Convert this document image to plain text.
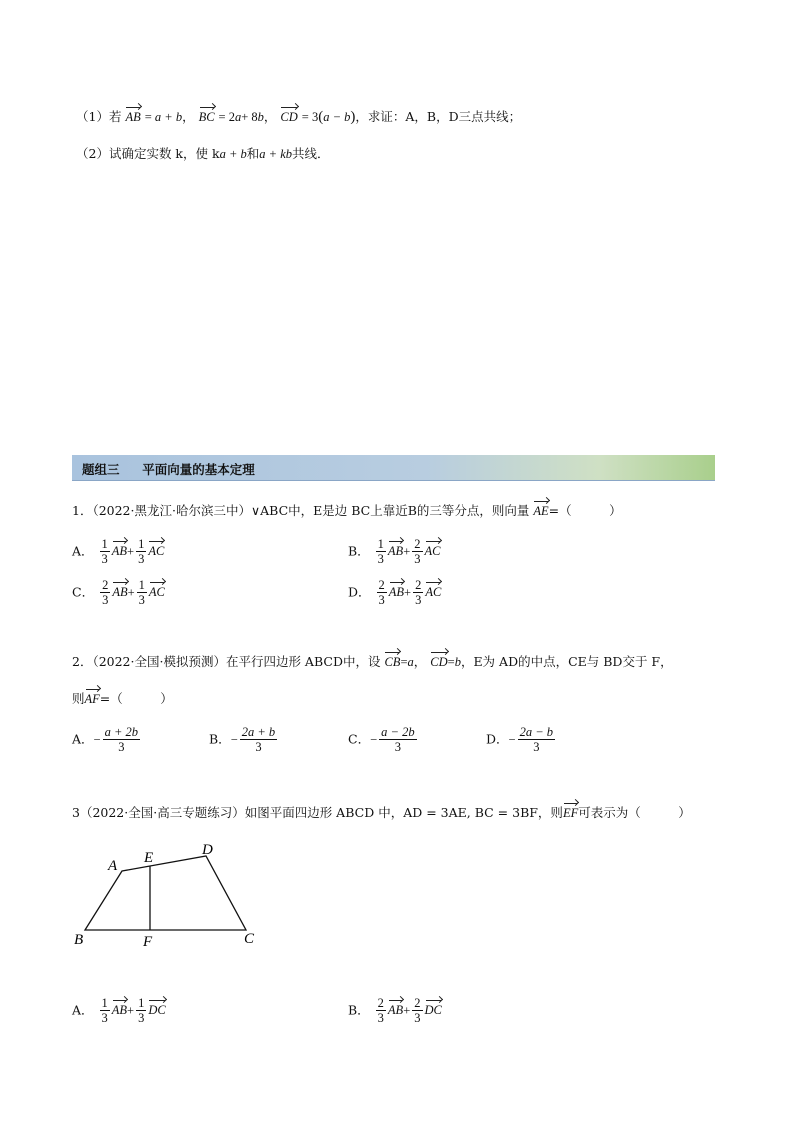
（1）若 AB = a + b， BC = 2a+ 8b， CD = 3(a − b)，求证：A，B，D三点共线；
（2）试确定实数 k，使 ka + b和a + kb共线．
题组三 平面向量的基本定理
1．（2022·黑龙江·哈尔滨三中）∨ABC中，E是边 BC上靠近B的三等分点，则向量 AE=（　　　）
A． $\frac{1}{3} AB+ \frac{1}{3}$ AC	B． $\frac{1}{3} AB+ \frac{2}{3}$ AC
C． $\frac{2}{3} AB+ \frac{1}{3}$ AC	D． $\frac{2}{3} AB+ \frac{2}{3}$ AC
2．（2022·全国·模拟预测）在平行四边形 ABCD中，设 CB=a， CD=b，E为 AD的中点，CE与 BD交于 F，
则AF=（　　　）
A．− $\frac{a + 2b}{3}$	B．− $\frac{2a + b}{3}$	C．− $\frac{a - 2b}{3}$	D．− $\frac{2a - b}{3}$
3（2022·全国·高三专题练习）如图平面四边形 ABCD 中，AD = 3AE, BC = 3BF，则EF可表示为（　　　）
A E	D
B	F	C
A． $\frac{1}{3} AB+ \frac{1}{3}$ DC	B． $\frac{2}{3} AB+ \frac{2}{3}$ DC
